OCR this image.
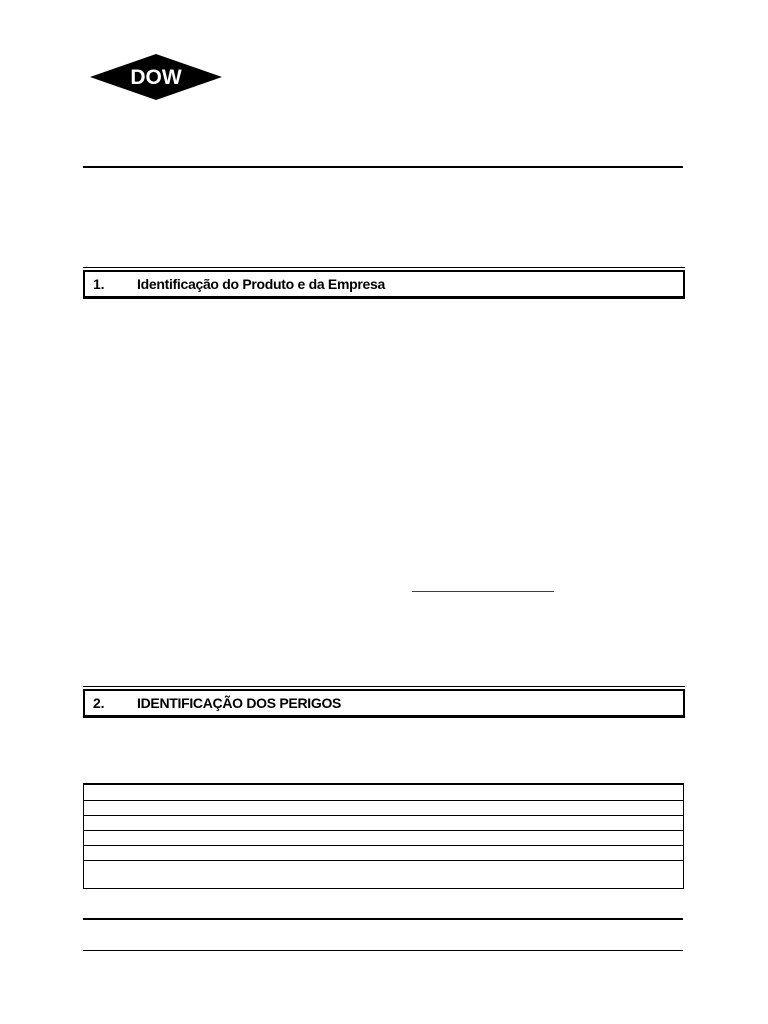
DOW
®
1.	Identificação do Produto e da Empresa
2.	IDENTIFICAÇÃO DOS PERIGOS
